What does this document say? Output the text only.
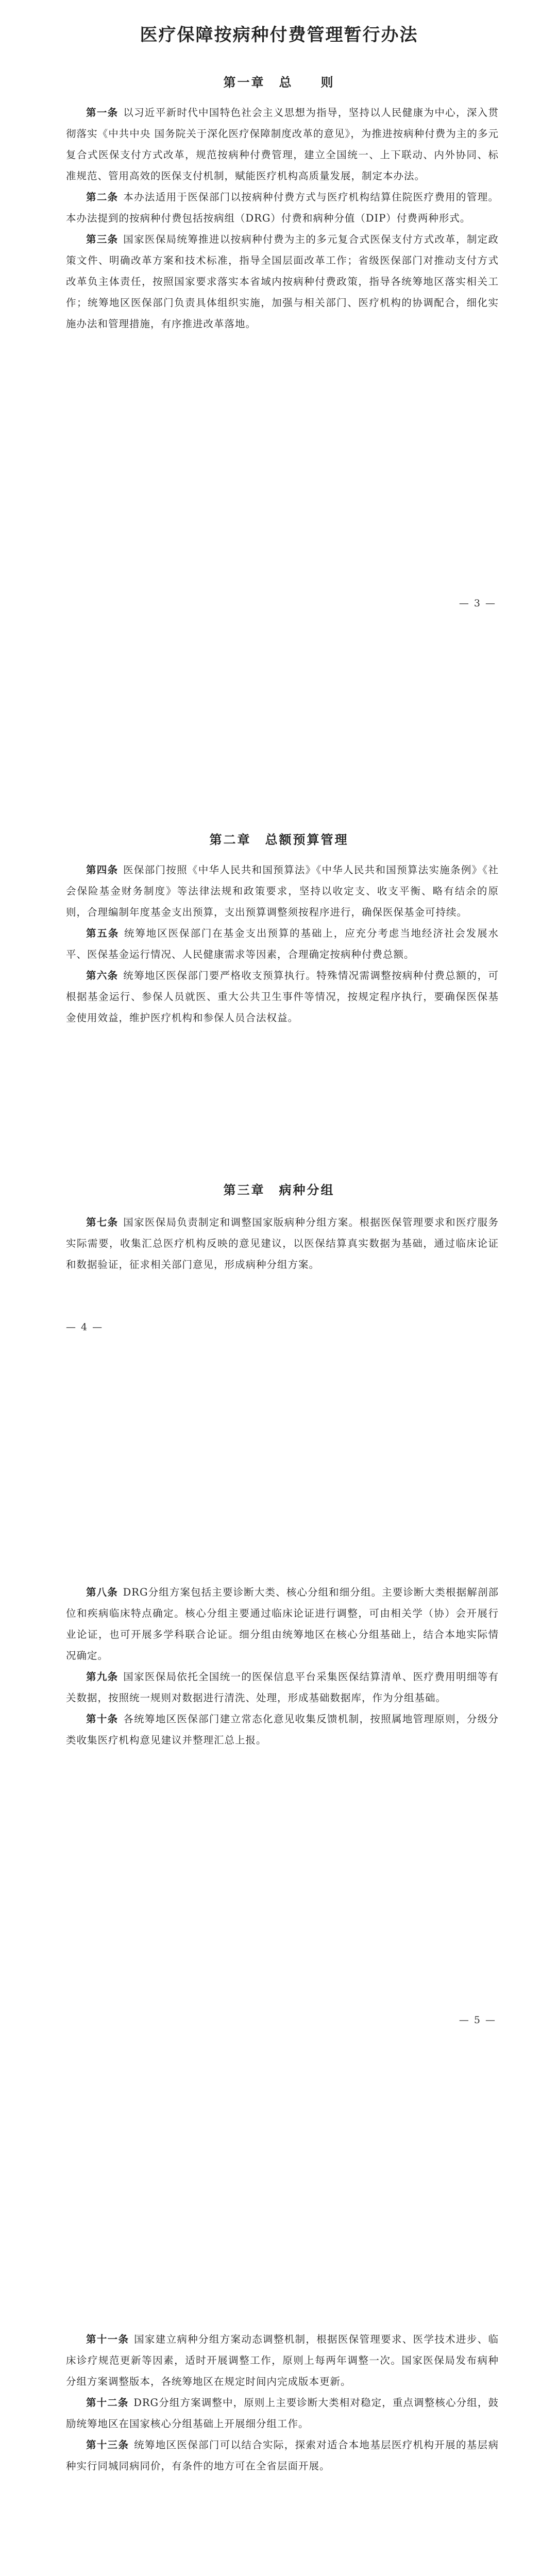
医疗保障按病种付费管理暂行办法
第一章　总　　则

第一条 以习近平新时代中国特色社会主义思想为指导，坚持以人民健康为中心，深入贯彻落实《中共中央 国务院关于深化医疗保障制度改革的意见》，为推进按病种付费为主的多元复合式医保支付方式改革，规范按病种付费管理，建立全国统一、上下联动、内外协同、标准规范、管用高效的医保支付机制，赋能医疗机构高质量发展，制定本办法。

第二条 本办法适用于医保部门以按病种付费方式与医疗机构结算住院医疗费用的管理。本办法提到的按病种付费包括按病组（DRG）付费和病种分值（DIP）付费两种形式。

第三条 国家医保局统筹推进以按病种付费为主的多元复合式医保支付方式改革，制定政策文件、明确改革方案和技术标准，指导全国层面改革工作；省级医保部门对推动支付方式改革负主体责任，按照国家要求落实本省域内按病种付费政策，指导各统筹地区落实相关工作；统筹地区医保部门负责具体组织实施，加强与相关部门、医疗机构的协调配合，细化实施办法和管理措施，有序推进改革落地。

— 3 —
第二章　总额预算管理

第四条 医保部门按照《中华人民共和国预算法》《中华人民共和国预算法实施条例》《社会保险基金财务制度》等法律法规和政策要求，坚持以收定支、收支平衡、略有结余的原则，合理编制年度基金支出预算，支出预算调整须按程序进行，确保医保基金可持续。

第五条 统筹地区医保部门在基金支出预算的基础上，应充分考虑当地经济社会发展水平、医保基金运行情况、人民健康需求等因素，合理确定按病种付费总额。

第六条 统筹地区医保部门要严格收支预算执行。特殊情况需调整按病种付费总额的，可根据基金运行、参保人员就医、重大公共卫生事件等情况，按规定程序执行，要确保医保基金使用效益，维护医疗机构和参保人员合法权益。

第三章　病种分组

第七条 国家医保局负责制定和调整国家版病种分组方案。根据医保管理要求和医疗服务实际需要，收集汇总医疗机构反映的意见建议，以医保结算真实数据为基础，通过临床论证和数据验证，征求相关部门意见，形成病种分组方案。

— 4 —

第八条 DRG分组方案包括主要诊断大类、核心分组和细分组。主要诊断大类根据解剖部位和疾病临床特点确定。核心分组主要通过临床论证进行调整，可由相关学（协）会开展行业论证，也可开展多学科联合论证。细分组由统筹地区在核心分组基础上，结合本地实际情况确定。

第九条 国家医保局依托全国统一的医保信息平台采集医保结算清单、医疗费用明细等有关数据，按照统一规则对数据进行清洗、处理，形成基础数据库，作为分组基础。

第十条 各统筹地区医保部门建立常态化意见收集反馈机制，按照属地管理原则，分级分类收集医疗机构意见建议并整理汇总上报。

— 5 —

第十一条 国家建立病种分组方案动态调整机制，根据医保管理要求、医学技术进步、临床诊疗规范更新等因素，适时开展调整工作，原则上每两年调整一次。国家医保局发布病种分组方案调整版本，各统筹地区在规定时间内完成版本更新。

第十二条 DRG分组方案调整中，原则上主要诊断大类相对稳定，重点调整核心分组，鼓励统筹地区在国家核心分组基础上开展细分组工作。

第十三条 统筹地区医保部门可以结合实际，探索对适合本地基层医疗机构开展的基层病种实行同城同病同价，有条件的地方可在全省层面开展。
